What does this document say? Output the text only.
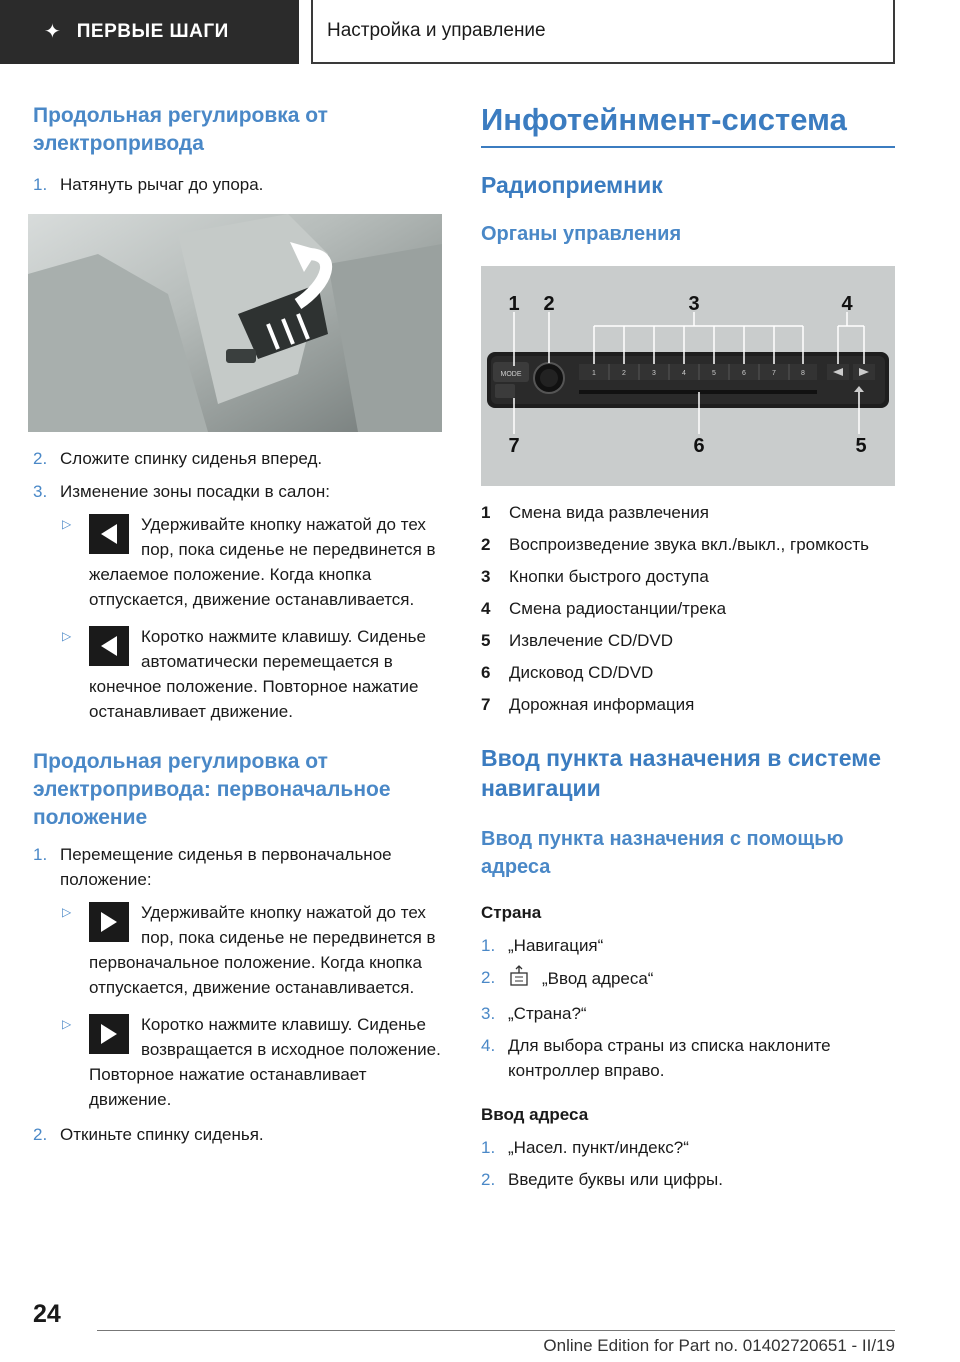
✦ ПЕРВЫЕ ШАГИ	Настройка и управление
Продольная регулировка от электропривода
1. Натянуть рычаг до упора.
2. Сложите спинку сиденья вперед.
3. Изменение зоны посадки в салон:
▷	Удерживайте кнопку нажатой до тех пор, пока сиденье не передвинется в желаемое положение. Когда кнопка отпускается, движение останавливается.
▷	Коротко нажмите клавишу. Сиденье автоматически перемещается в конечное положение. Повторное нажатие останавливает движение.
Продольная регулировка от электропривода: первоначальное положение
1. Перемещение сиденья в первоначальное положение:
▷	Удерживайте кнопку нажатой до тех пор, пока сиденье не передвинется в первоначальное положение. Когда кнопка отпускается, движение останавливается.
▷	Коротко нажмите клавишу. Сиденье возвращается в исходное положение. Повторное нажатие останавливает движение.
2. Откиньте спинку сиденья.
Инфотейнмент-система
Радиоприемник
Органы управления
MODE	1	2	3	4	5	6	7	8
1 2	3	4
7	6	5
1	Смена вида развлечения
2	Воспроизведение звука вкл./выкл., громкость
3	Кнопки быстрого доступа
4	Смена радиостанции/трека
5	Извлечение CD/DVD
6	Дисковод CD/DVD
7	Дорожная информация
Ввод пункта назначения в системе навигации
Ввод пункта назначения с помощью адреса
Страна
1. „Навигация“
2.	„Ввод адреса“
3. „Страна?“
4. Для выбора страны из списка наклоните контроллер вправо.
Ввод адреса
1. „Насел. пункт/индекс?“
2. Введите буквы или цифры.
24
Online Edition for Part no. 01402720651 - II/19
